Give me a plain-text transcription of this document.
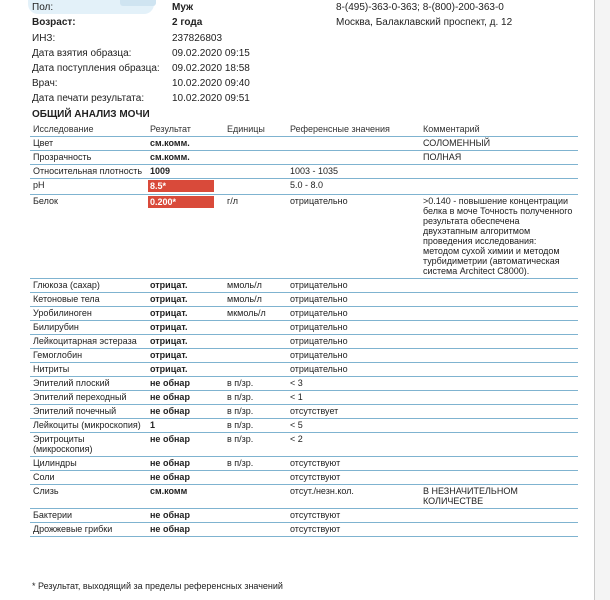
Пол:	Муж	8-(495)-363-0-363; 8-(800)-200-363-0
Возраст:	2 года	Москва, Балаклавский проспект, д. 12
ИНЗ:	237826803
Дата взятия образца:	09.02.2020 09:15
Дата поступления образца: 09.02.2020 18:58
Врач:	10.02.2020 09:40
Дата печати результата:	10.02.2020 09:51
ОБЩИЙ АНАЛИЗ МОЧИ
Исследование	Результат	Единицы	Референсные значения	Комментарий
Цвет	см.комм.			СОЛОМЕННЫЙ
Прозрачность	см.комм.			ПОЛНАЯ
Относительная плотность	1009		1003 - 1035	
pH	8.5*		5.0 - 8.0	
Белок	0.200*	г/л	отрицательно	>0.140 - повышение концентрации белка в моче Точность полученного результата обеспечена двухэтапным алгоритмом проведения исследования: методом сухой химии и методом турбидиметрии (автоматическая система Architect C8000).
Глюкоза (сахар)	отрицат.	ммоль/л	отрицательно	
Кетоновые тела	отрицат.	ммоль/л	отрицательно	
Уробилиноген	отрицат.	мкмоль/л	отрицательно	
Билирубин	отрицат.		отрицательно	
Лейкоцитарная эстераза	отрицат.		отрицательно	
Гемоглобин	отрицат.		отрицательно	
Нитриты	отрицат.		отрицательно	
Эпителий плоский	не обнар	в п/зр.	< 3	
Эпителий переходный	не обнар	в п/зр.	< 1	
Эпителий почечный	не обнар	в п/зр.	отсутствует	
Лейкоциты (микроскопия)	1	в п/зр.	< 5	
Эритроциты (микроскопия)	не обнар	в п/зр.	< 2	
Цилиндры	не обнар	в п/зр.	отсутствуют	
Соли	не обнар		отсутствуют	
Слизь	см.комм		отсут./незн.кол.	В НЕЗНАЧИТЕЛЬНОМ КОЛИЧЕСТВЕ
Бактерии	не обнар		отсутствуют	
Дрожжевые грибки	не обнар		отсутствуют	
* Результат, выходящий за пределы референсных значений
